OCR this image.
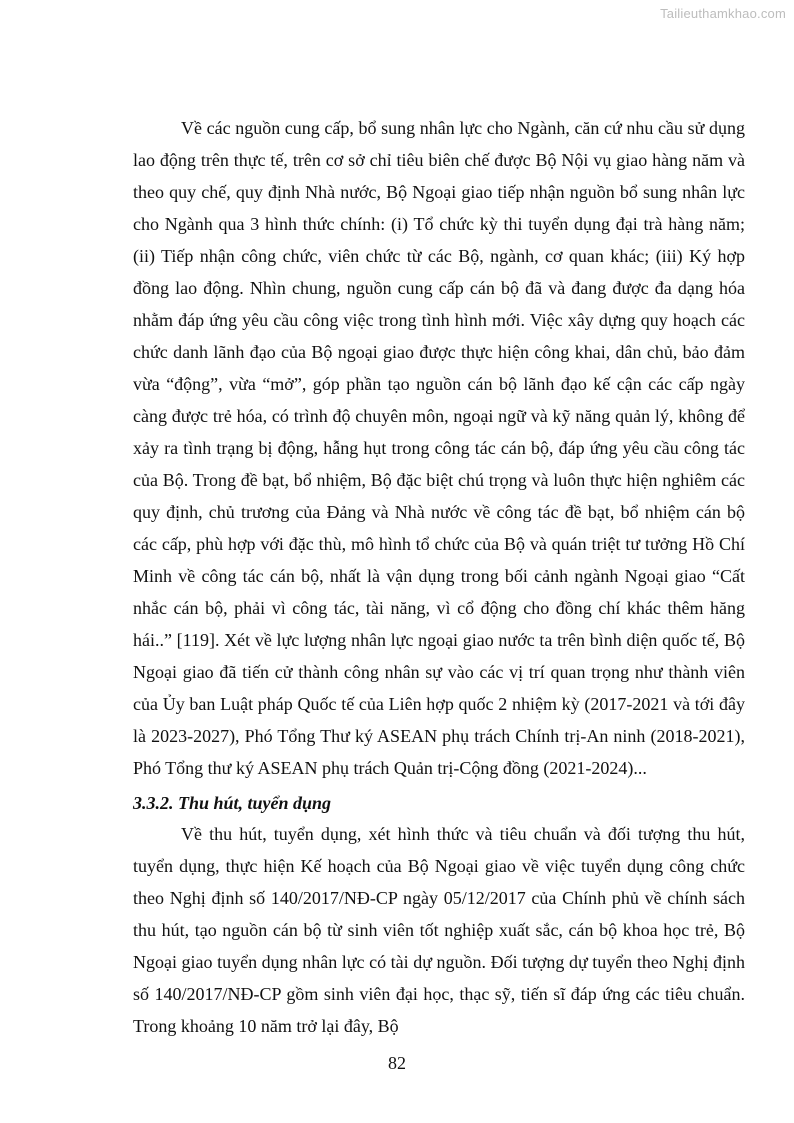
Tailieuthamkhao.com

Về các nguồn cung cấp, bổ sung nhân lực cho Ngành, căn cứ nhu cầu sử dụng lao động trên thực tế, trên cơ sở chỉ tiêu biên chế được Bộ Nội vụ giao hàng năm và theo quy chế, quy định Nhà nước, Bộ Ngoại giao tiếp nhận nguồn bổ sung nhân lực cho Ngành qua 3 hình thức chính: (i) Tổ chức kỳ thi tuyển dụng đại trà hàng năm; (ii) Tiếp nhận công chức, viên chức từ các Bộ, ngành, cơ quan khác; (iii) Ký hợp đồng lao động. Nhìn chung, nguồn cung cấp cán bộ đã và đang được đa dạng hóa nhằm đáp ứng yêu cầu công việc trong tình hình mới. Việc xây dựng quy hoạch các chức danh lãnh đạo của Bộ ngoại giao được thực hiện công khai, dân chủ, bảo đảm vừa “động”, vừa “mở”, góp phần tạo nguồn cán bộ lãnh đạo kế cận các cấp ngày càng được trẻ hóa, có trình độ chuyên môn, ngoại ngữ và kỹ năng quản lý, không để xảy ra tình trạng bị động, hẫng hụt trong công tác cán bộ, đáp ứng yêu cầu công tác của Bộ. Trong đề bạt, bổ nhiệm, Bộ đặc biệt chú trọng và luôn thực hiện nghiêm các quy định, chủ trương của Đảng và Nhà nước về công tác đề bạt, bổ nhiệm cán bộ các cấp, phù hợp với đặc thù, mô hình tổ chức của Bộ và quán triệt tư tưởng Hồ Chí Minh về công tác cán bộ, nhất là vận dụng trong bối cảnh ngành Ngoại giao “Cất nhắc cán bộ, phải vì công tác, tài năng, vì cổ động cho đồng chí khác thêm hăng hái..” [119]. Xét về lực lượng nhân lực ngoại giao nước ta trên bình diện quốc tế, Bộ Ngoại giao đã tiến cử thành công nhân sự vào các vị trí quan trọng như thành viên của Ủy ban Luật pháp Quốc tế của Liên hợp quốc 2 nhiệm kỳ (2017-2021 và tới đây là 2023-2027), Phó Tổng Thư ký ASEAN phụ trách Chính trị-An ninh (2018-2021), Phó Tổng thư ký ASEAN phụ trách Quản trị-Cộng đồng (2021-2024)...

3.3.2. Thu hút, tuyển dụng

Về thu hút, tuyển dụng, xét hình thức và tiêu chuẩn và đối tượng thu hút, tuyển dụng, thực hiện Kế hoạch của Bộ Ngoại giao về việc tuyển dụng công chức theo Nghị định số 140/2017/NĐ-CP ngày 05/12/2017 của Chính phủ về chính sách thu hút, tạo nguồn cán bộ từ sinh viên tốt nghiệp xuất sắc, cán bộ khoa học trẻ, Bộ Ngoại giao tuyển dụng nhân lực có tài dự nguồn. Đối tượng dự tuyển theo Nghị định số 140/2017/NĐ-CP gồm sinh viên đại học, thạc sỹ, tiến sĩ đáp ứng các tiêu chuẩn. Trong khoảng 10 năm trở lại đây, Bộ

82
